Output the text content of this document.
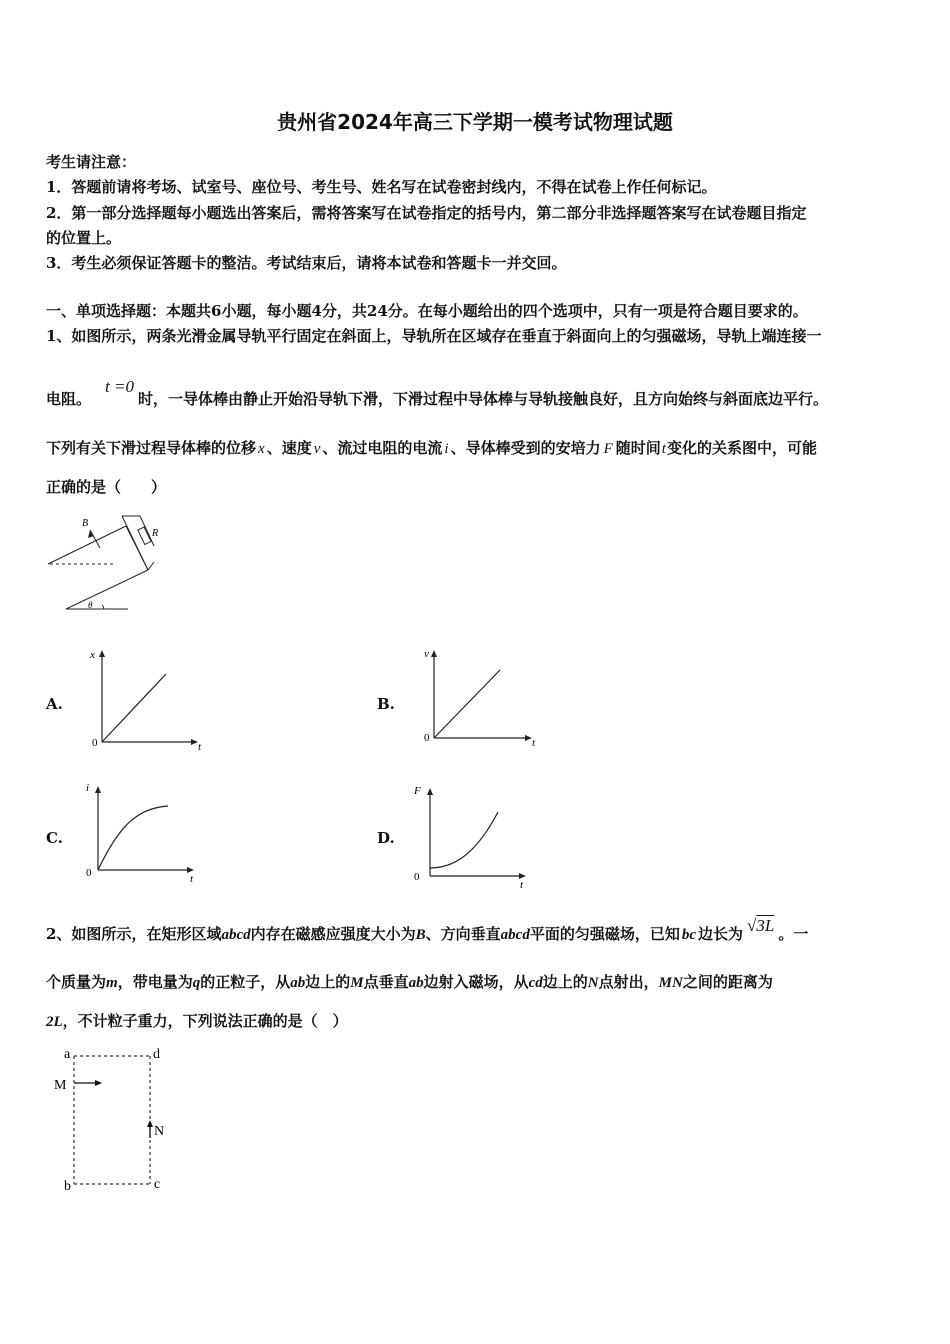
贵州省2024年高三下学期一模考试物理试题
考生请注意：
1．答题前请将考场、试室号、座位号、考生号、姓名写在试卷密封线内，不得在试卷上作任何标记。
2．第一部分选择题每小题选出答案后，需将答案写在试卷指定的括号内，第二部分非选择题答案写在试卷题目指定
的位置上。
3．考生必须保证答题卡的整洁。考试结束后，请将本试卷和答题卡一并交回。
一、单项选择题：本题共6小题，每小题4分，共24分。在每小题给出的四个选项中，只有一项是符合题目要求的。
1、如图所示，两条光滑金属导轨平行固定在斜面上，导轨所在区域存在垂直于斜面向上的匀强磁场，导轨上端连接一
电阻。t =0时，一导体棒由静止开始沿导轨下滑，下滑过程中导体棒与导轨接触良好，且方向始终与斜面底边平行。
下列有关下滑过程导体棒的位移 x 、速度 v 、流过电阻的电流 i 、导体棒受到的安培力 F 随时间t变化的关系图中，可能
正确的是（　　）
B
R
θ
A.
x
t
0
B.
v
t
0
C.
i
t
0
D.
F
t
0
2、如图所示，在矩形区域abcd内存在磁感应强度大小为B、方向垂直abcd平面的匀强磁场，已知 bc 边长为 √3L 。一
个质量为m，带电量为q的正粒子，从ab边上的M点垂直ab边射入磁场，从cd边上的N点射出，MN之间的距离为
2L，不计粒子重力，下列说法正确的是（　）
a	d
b	c
M
N
